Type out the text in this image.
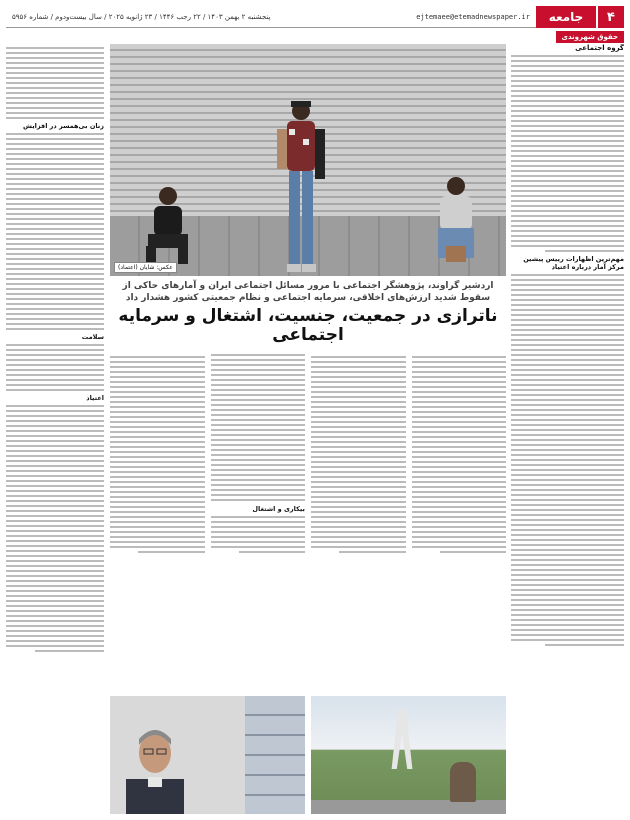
۴
جامعه
ejtemaee@etemadnewspaper.ir
پنجشنبه ۲ بهمن ۱۴۰۳ / ۲۲ رجب ۱۴۴۶ / ۲۳ ژانویه ۲۰۲۵ / سال بیست‌ودوم / شماره ۵۹۵۶
حقوق شهروندی
گروه اجتماعی
مهم‌ترین اظهارات رییس پیشین مرکز آمار درباره اعتیاد
زنان بی‌همسر در افزایش
سلامت
اعتیاد
عکس: شایان (اعتماد)
اردشیر گراوند، پژوهشگر اجتماعی با مرور مسائل اجتماعی ایران و آمارهای حاکی از سقوط شدید ارزش‌های اخلاقی، سرمایه اجتماعی و نظام جمعیتی کشور هشدار داد
ناترازی در جمعیت، جنسیت، اشتغال و سرمایه اجتماعی
بیکاری و اشتغال
